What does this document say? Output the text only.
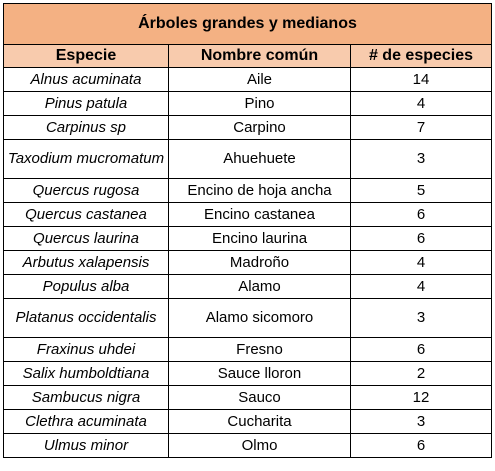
Árboles grandes y medianos		
Especie	Nombre común	# de especies
Alnus acuminata	Aile	14
Pinus patula	Pino	4
Carpinus sp	Carpino	7
Taxodium mucromatum	Ahuehuete	3
Quercus rugosa	Encino de hoja ancha	5
Quercus castanea	Encino castanea	6
Quercus laurina	Encino laurina	6
Arbutus xalapensis	Madroño	4
Populus alba	Alamo	4
Platanus occidentalis	Alamo sicomoro	3
Fraxinus uhdei	Fresno	6
Salix humboldtiana	Sauce lloron	2
Sambucus nigra	Sauco	12
Clethra acuminata	Cucharita	3
Ulmus minor	Olmo	6
